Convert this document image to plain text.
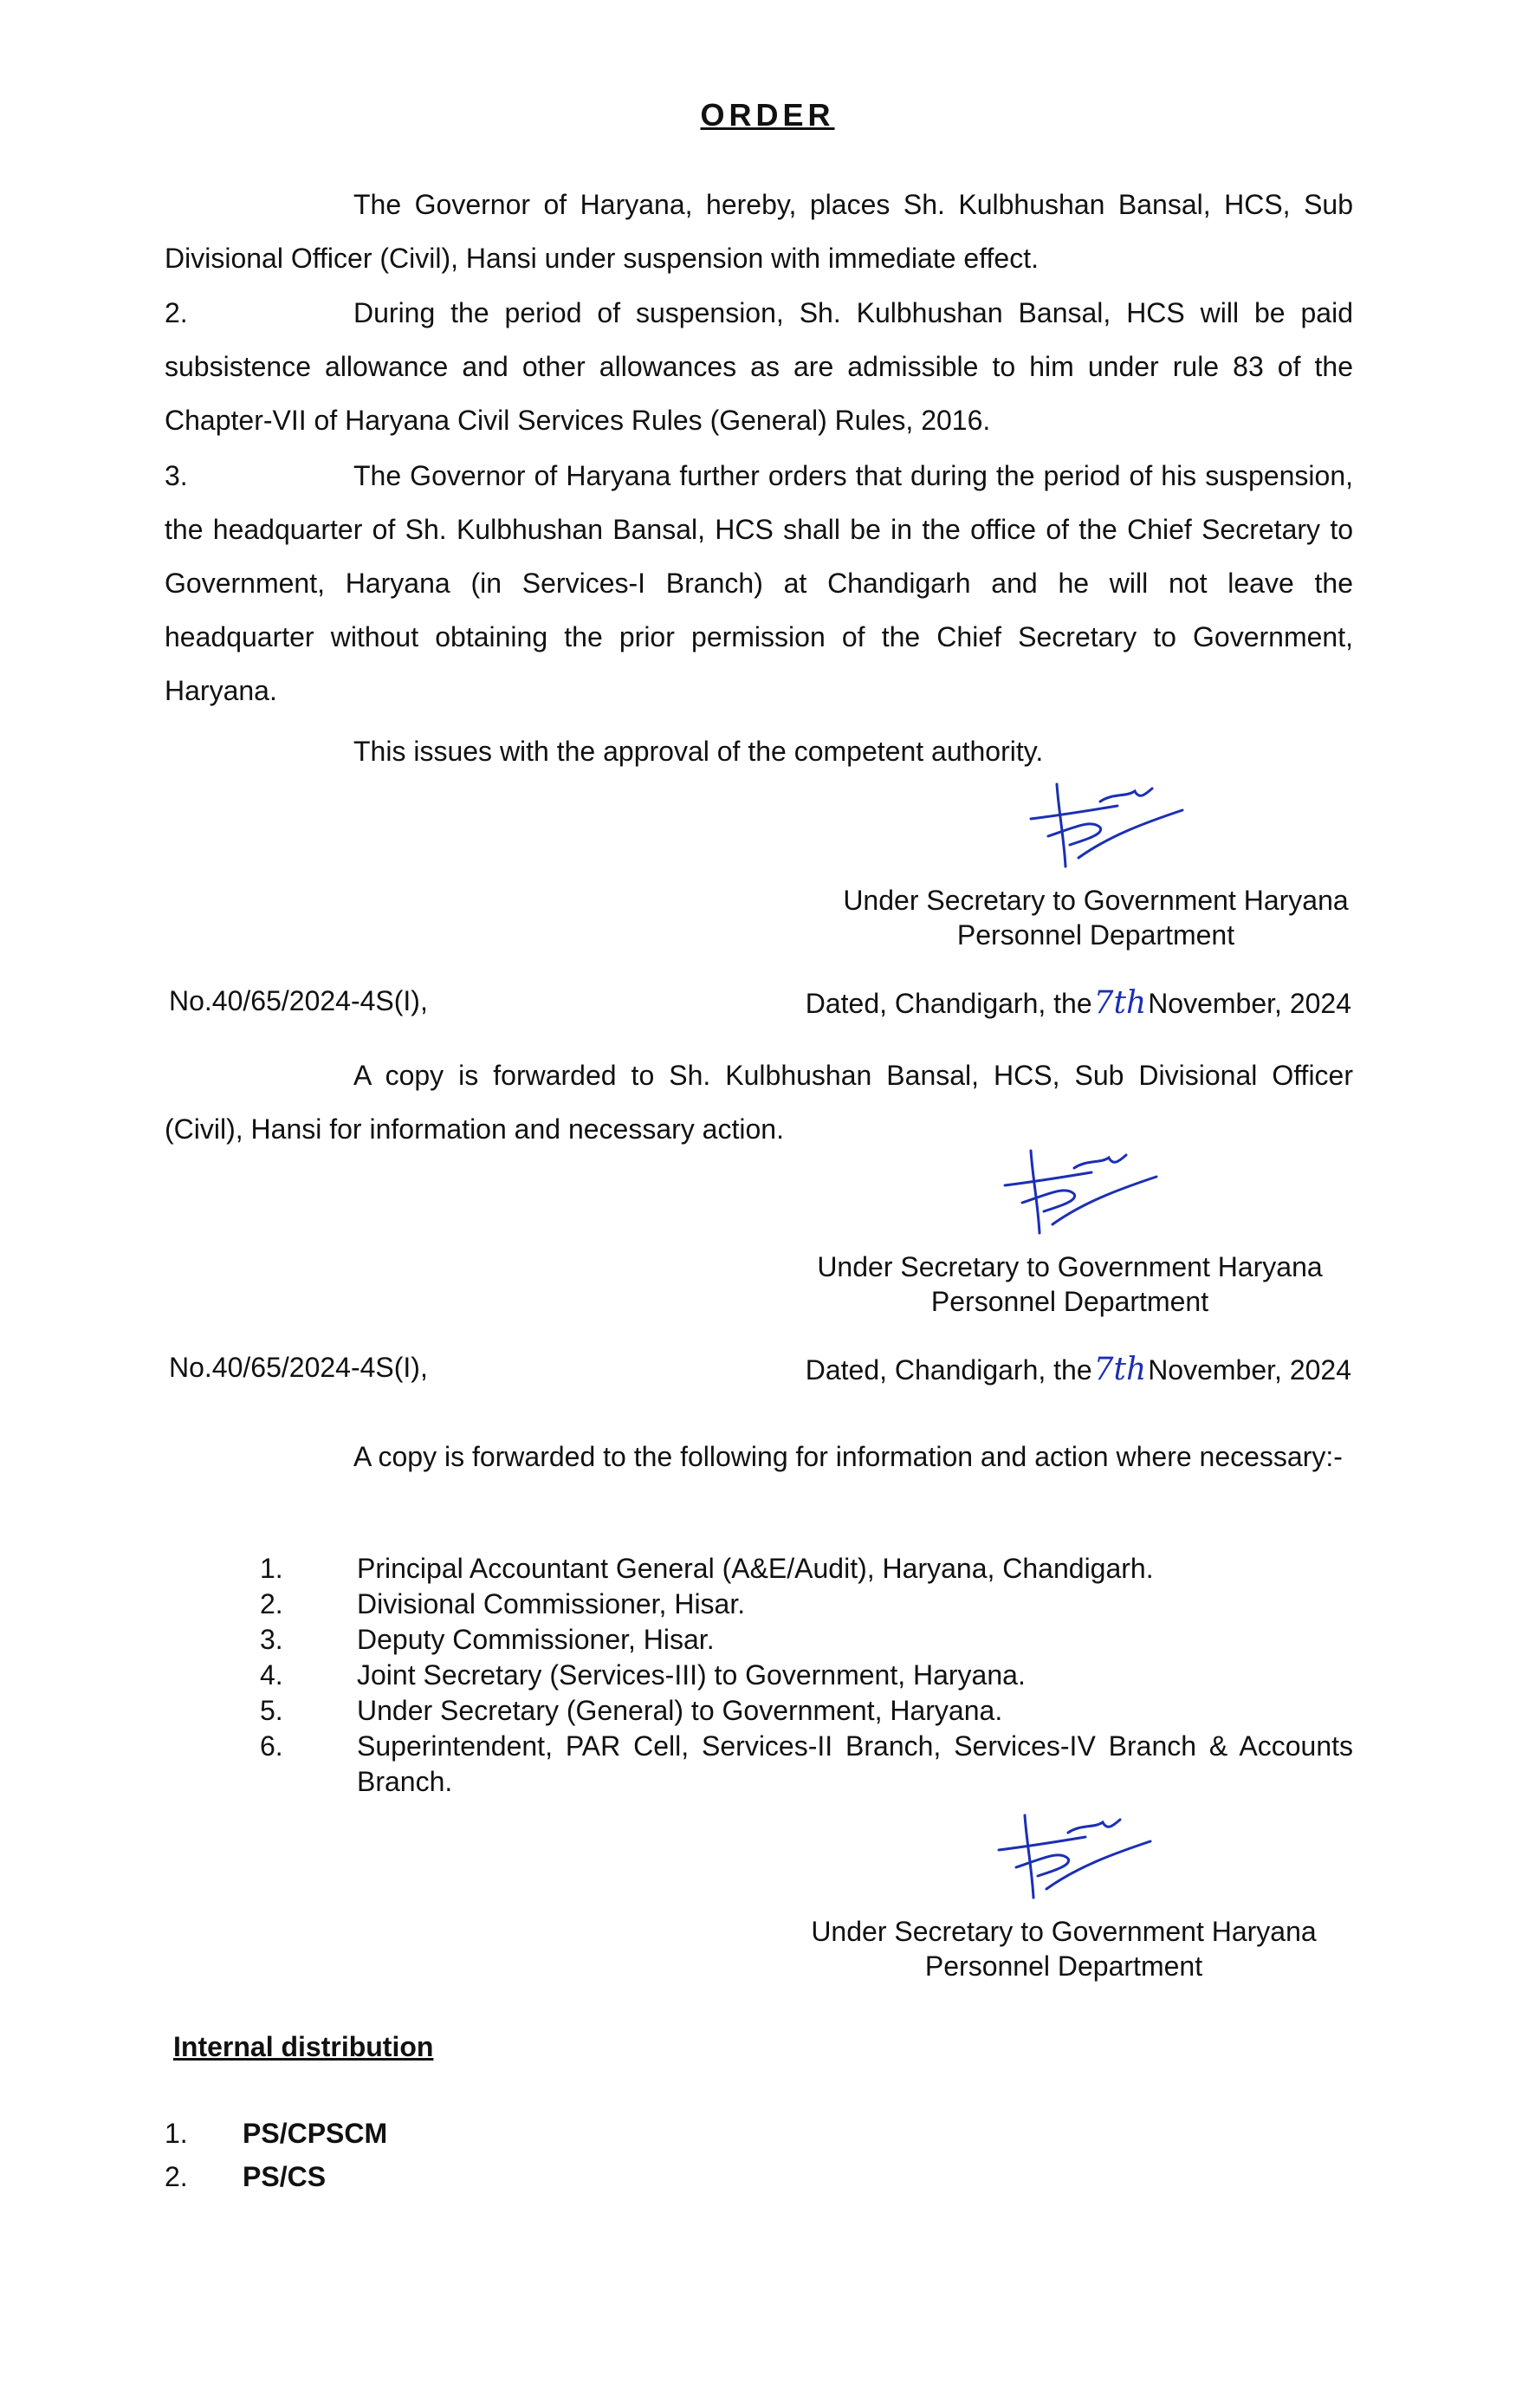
ORDER

The Governor of Haryana, hereby, places Sh. Kulbhushan Bansal, HCS, Sub Divisional Officer (Civil), Hansi under suspension with immediate effect.

2.	During the period of suspension, Sh. Kulbhushan Bansal, HCS will be paid subsistence allowance and other allowances as are admissible to him under rule 83 of the Chapter-VII of Haryana Civil Services Rules (General) Rules, 2016.

3.	The Governor of Haryana further orders that during the period of his suspension, the headquarter of Sh. Kulbhushan Bansal, HCS shall be in the office of the Chief Secretary to Government, Haryana (in Services-I Branch) at Chandigarh and he will not leave the headquarter without obtaining the prior permission of the Chief Secretary to Government, Haryana.

This issues with the approval of the competent authority.

Under Secretary to Government Haryana
Personnel Department
No.40/65/2024-4S(I),	Dated, Chandigarh, the7thNovember, 2024

A copy is forwarded to Sh. Kulbhushan Bansal, HCS, Sub Divisional Officer (Civil), Hansi for information and necessary action.

Under Secretary to Government Haryana
Personnel Department
No.40/65/2024-4S(I),	Dated, Chandigarh, the7thNovember, 2024

A copy is forwarded to the following for information and action where necessary:-

1.	Principal Accountant General (A&E/Audit), Haryana, Chandigarh.
2.	Divisional Commissioner, Hisar.
3.	Deputy Commissioner, Hisar.
4.	Joint Secretary (Services-III) to Government, Haryana.
5.	Under Secretary (General) to Government, Haryana.
6.	Superintendent, PAR Cell, Services-II Branch, Services-IV Branch & Accounts Branch.
Under Secretary to Government Haryana
Personnel Department
Internal distribution
1.	PS/CPSCM
2.	PS/CS
